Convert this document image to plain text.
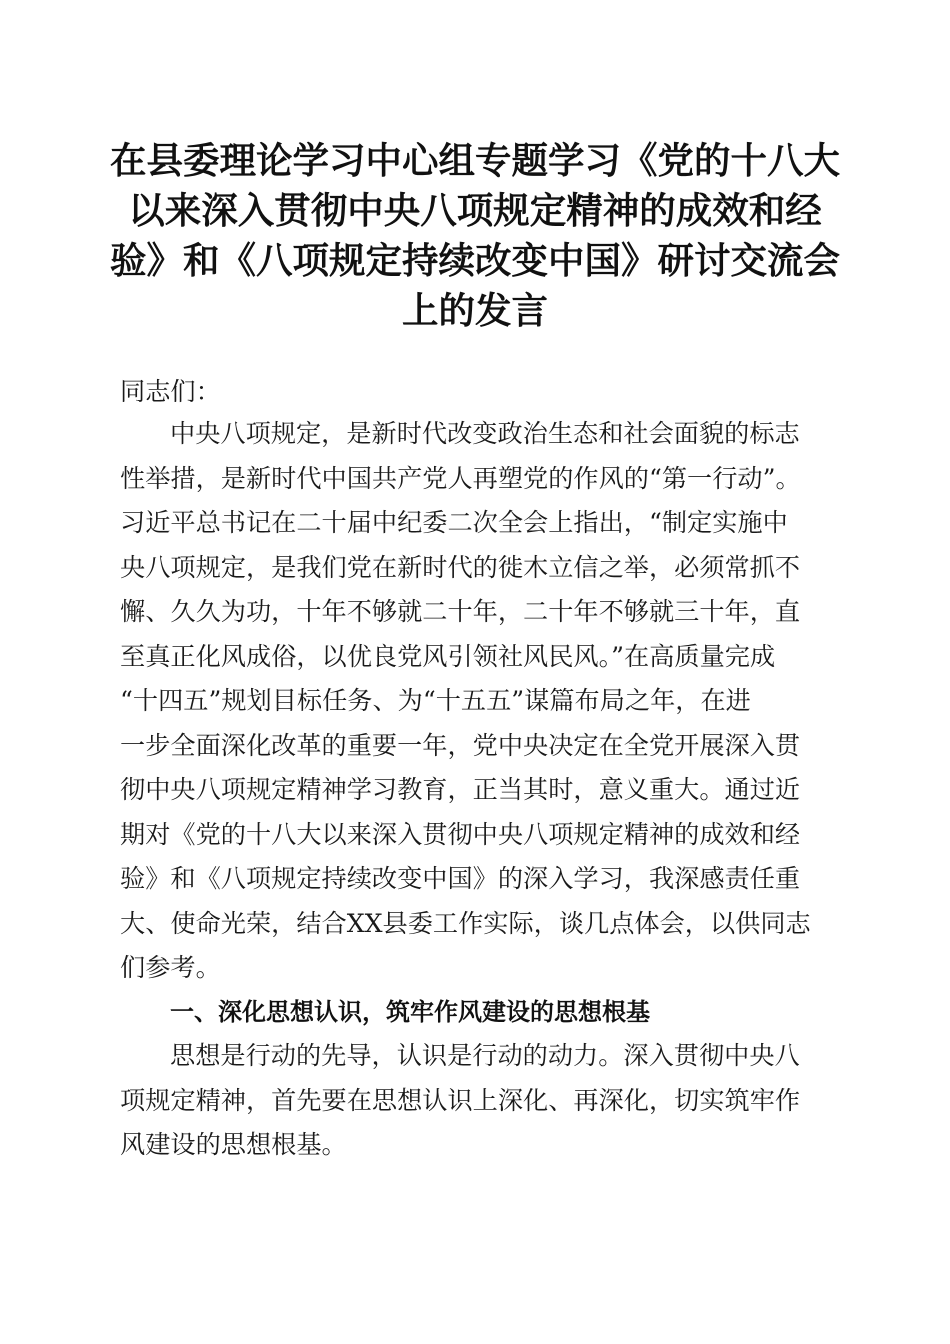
在县委理论学习中心组专题学习《党的十八大
以来深入贯彻中央八项规定精神的成效和经
验》和《八项规定持续改变中国》研讨交流会
上的发言

同志们：

中央八项规定，是新时代改变政治生态和社会面貌的标志
性举措，是新时代中国共产党人再塑党的作风的“第一行动”。
习近平总书记在二十届中纪委二次全会上指出，“制定实施中
央八项规定，是我们党在新时代的徙木立信之举，必须常抓不
懈、久久为功，十年不够就二十年，二十年不够就三十年，直
至真正化风成俗，以优良党风引领社风民风。”在高质量完成
“十四五”规划目标任务、为“十五五”谋篇布局之年，在进
一步全面深化改革的重要一年，党中央决定在全党开展深入贯
彻中央八项规定精神学习教育，正当其时，意义重大。通过近
期对《党的十八大以来深入贯彻中央八项规定精神的成效和经
验》和《八项规定持续改变中国》的深入学习，我深感责任重
大、使命光荣，结合XX县委工作实际，谈几点体会，以供同志
们参考。
一、深化思想认识，筑牢作风建设的思想根基
思想是行动的先导，认识是行动的动力。深入贯彻中央八
项规定精神，首先要在思想认识上深化、再深化，切实筑牢作
风建设的思想根基。
